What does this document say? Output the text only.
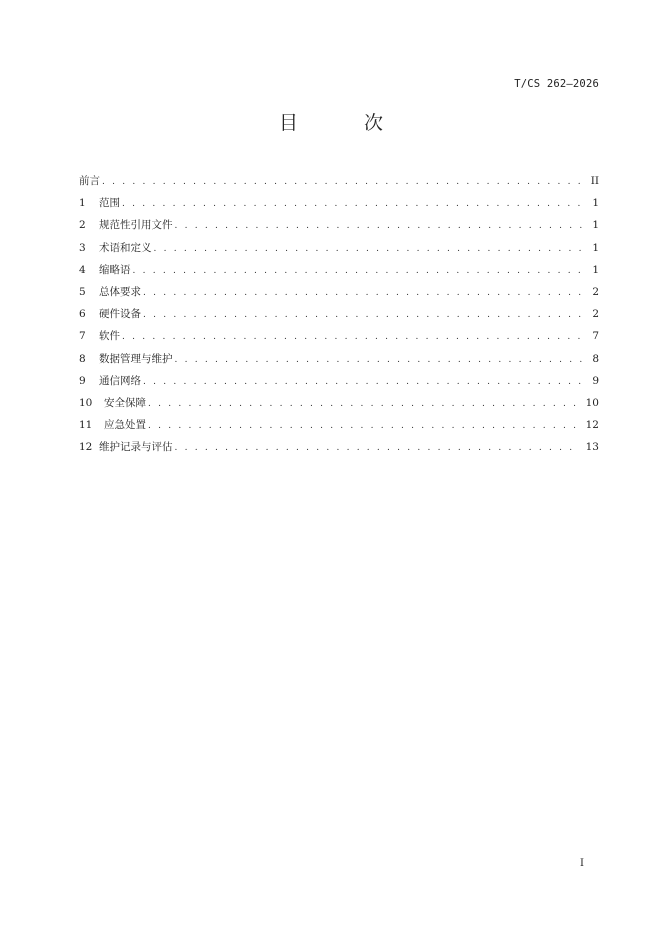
T/CS 262—2026
目 次
前言 . . .	II
1	范围 . . .	1
2	规范性引用文件 . . .	1
3	术语和定义 . . .	1
4	缩略语 . . .	1
5	总体要求 . . .	2
6	硬件设备 . . .	2
7	软件 . . .	7
8	数据管理与维护 . . .	8
9	通信网络 . . .	9
10	安全保障 . . .	10
11	应急处置 . . .	12
12 维护记录与评估 . . .	13
I
